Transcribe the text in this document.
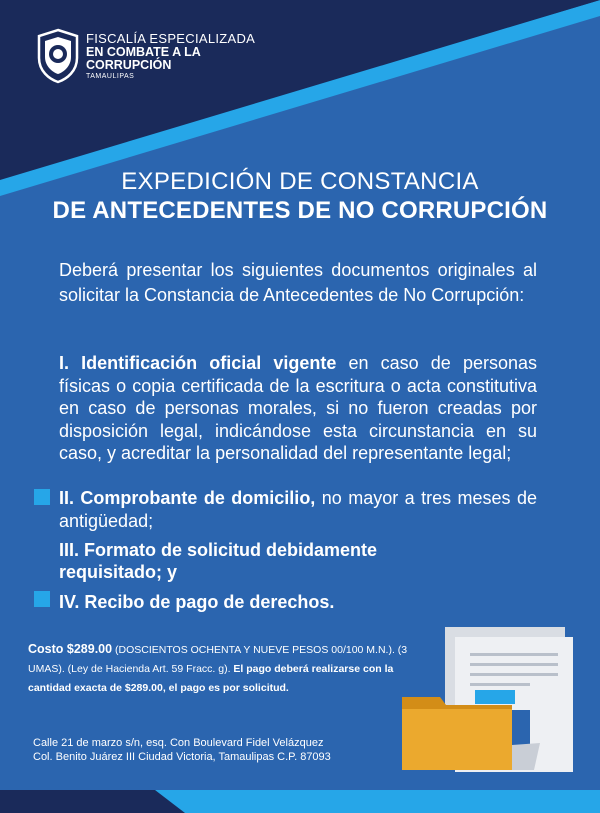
FISCALÍA ESPECIALIZADA
EN COMBATE A LA
CORRUPCIÓN
TAMAULIPAS
EXPEDICIÓN DE CONSTANCIA
DE ANTECEDENTES DE NO CORRUPCIÓN
Deberá presentar los siguientes documentos originales al solicitar la Constancia de Antecedentes de No Corrupción:
I. Identificación oficial vigente en caso de personas físicas o copia certificada de la escritura o acta constitutiva en caso de personas morales, si no fueron creadas por disposición legal, indicándose esta circunstancia en su caso, y acreditar la personalidad del representante legal;
II. Comprobante de domicilio, no mayor a tres meses de antigüedad;
III. Formato de solicitud debidamente requisitado; y
IV. Recibo de pago de derechos.
Costo $289.00 (DOSCIENTOS OCHENTA Y NUEVE PESOS 00/100 M.N.). (3 UMAS). (Ley de Hacienda Art. 59 Fracc. g). El pago deberá realizarse con la cantidad exacta de $289.00, el pago es por solicitud.
Calle 21 de marzo s/n, esq. Con Boulevard Fidel Velázquez
Col. Benito Juárez III Ciudad Victoria, Tamaulipas C.P. 87093
